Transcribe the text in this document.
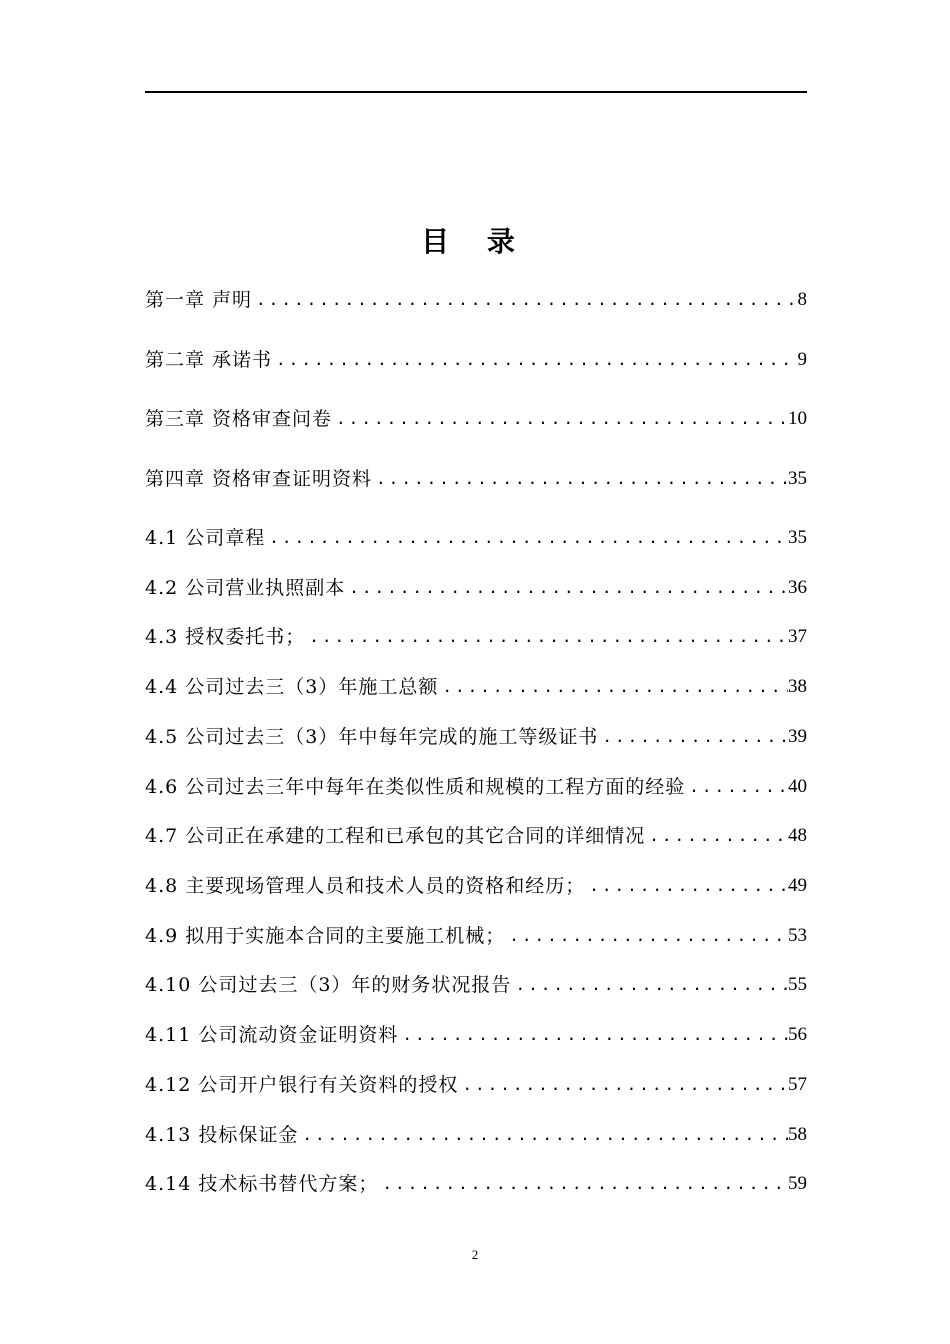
目 录
第一章 声明 .....	8
第二章 承诺书 .....	9
第三章 资格审查问卷 .....	10
第四章 资格审查证明资料 .....	35
4.1 公司章程 .....	35
4.2 公司营业执照副本 .....	36
4.3 授权委托书； .....	37
4.4 公司过去三（3）年施工总额 .....	38
4.5 公司过去三（3）年中每年完成的施工等级证书 .....	39
4.6 公司过去三年中每年在类似性质和规模的工程方面的经验 .....	40
4.7 公司正在承建的工程和已承包的其它合同的详细情况 .....	48
4.8 主要现场管理人员和技术人员的资格和经历； .....	49
4.9 拟用于实施本合同的主要施工机械； .....	53
4.10 公司过去三（3）年的财务状况报告 .....	55
4.11 公司流动资金证明资料 .....	56
4.12 公司开户银行有关资料的授权 .....	57
4.13 投标保证金 .....	58
4.14 技术标书替代方案； .....	59
2
